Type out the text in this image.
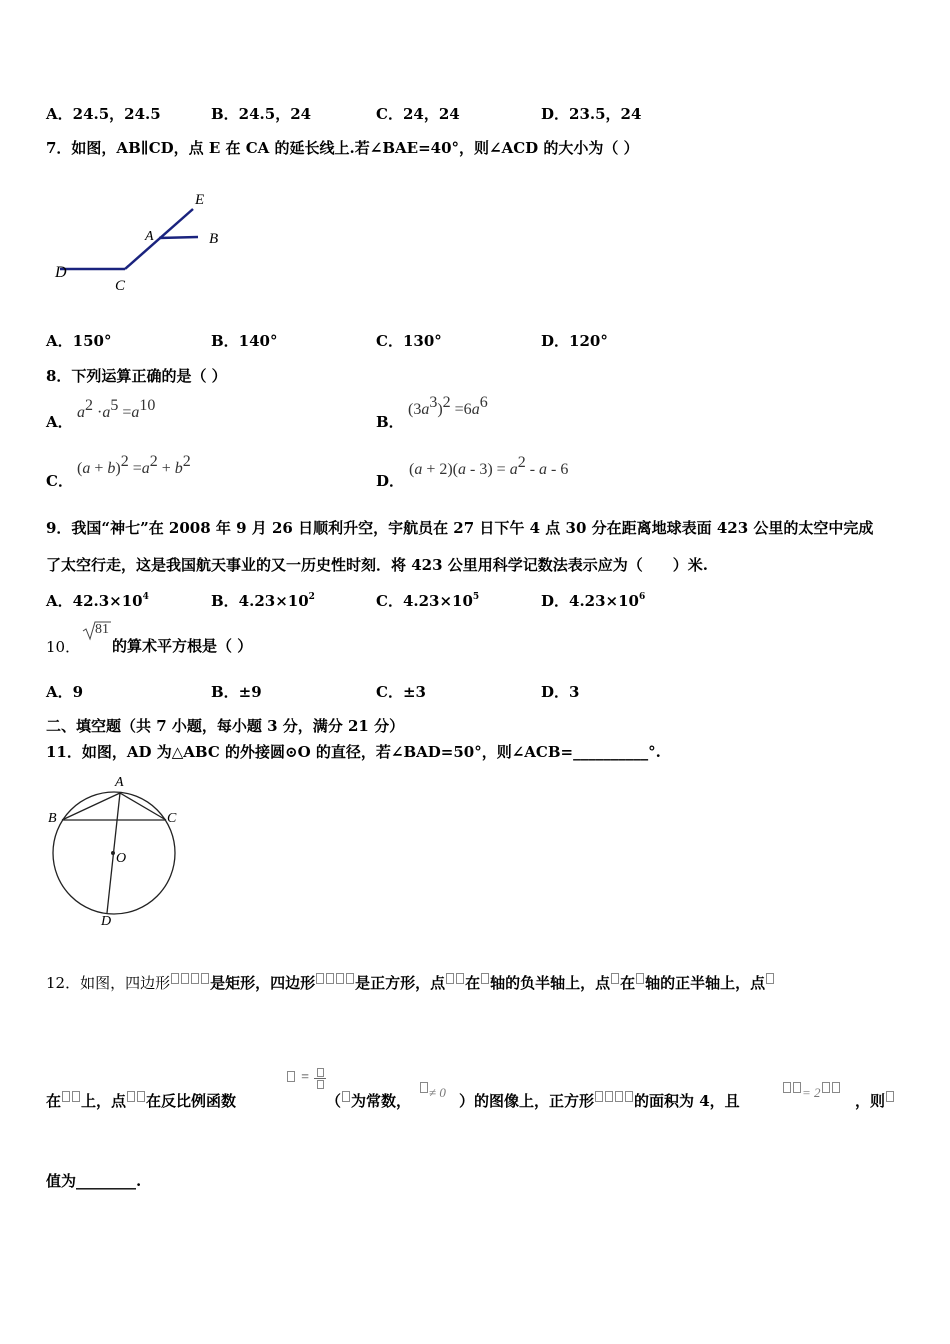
A．24.5，24.5	B．24.5，24	C．24，24	D．23.5，24
7．如图，AB∥CD，点 E 在 CA 的延长线上.若∠BAE=40°，则∠ACD 的大小为（ ）
E
A	B
D
C
A．150°	B．140°	C．130°	D．120°
8．下列运算正确的是（ ）
A．
$a^2 \cdot a^5 =a^{10}$
B．
$(3a^3)^2 =6a^6$
C．
$(a + b)^2 =a^2 + b^2$
D．
$(a + 2)(a - 3) = a^2 - a - 6$
9．我国“神七”在 2008 年 9 月 26 日顺利升空，宇航员在 27 日下午 4 点 30 分在距离地球表面 423 公里的太空中完成
了太空行走，这是我国航天事业的又一历史性时刻．将 423 公里用科学记数法表示应为（　　）米.
A．$42.3\times 10^4$	B．$4.23\times 10^2$	C．$4.23\times 10^5$	D．$4.23\times 10^6$
10．
81
的算术平方根是（ ）
A．9	B．±9	C．±3	D．3
二、填空题（共 7 小题，每小题 3 分，满分 21 分）
11．如图，AD 为△ABC 的外接圆⊙O 的直径，若∠BAD=50°，则∠ACB=__________°.
A
B	C
O
D
12．如图，四边形	是矩形，四边形	是正方形，点 在 轴的负半轴上，点 在 轴的正半轴上，点
在 上，点 在反比例函数
=
（ 为常数，	≠ 0 ）的图像上，正方形	的面积为 4，且	= 2	，则
值为________.
